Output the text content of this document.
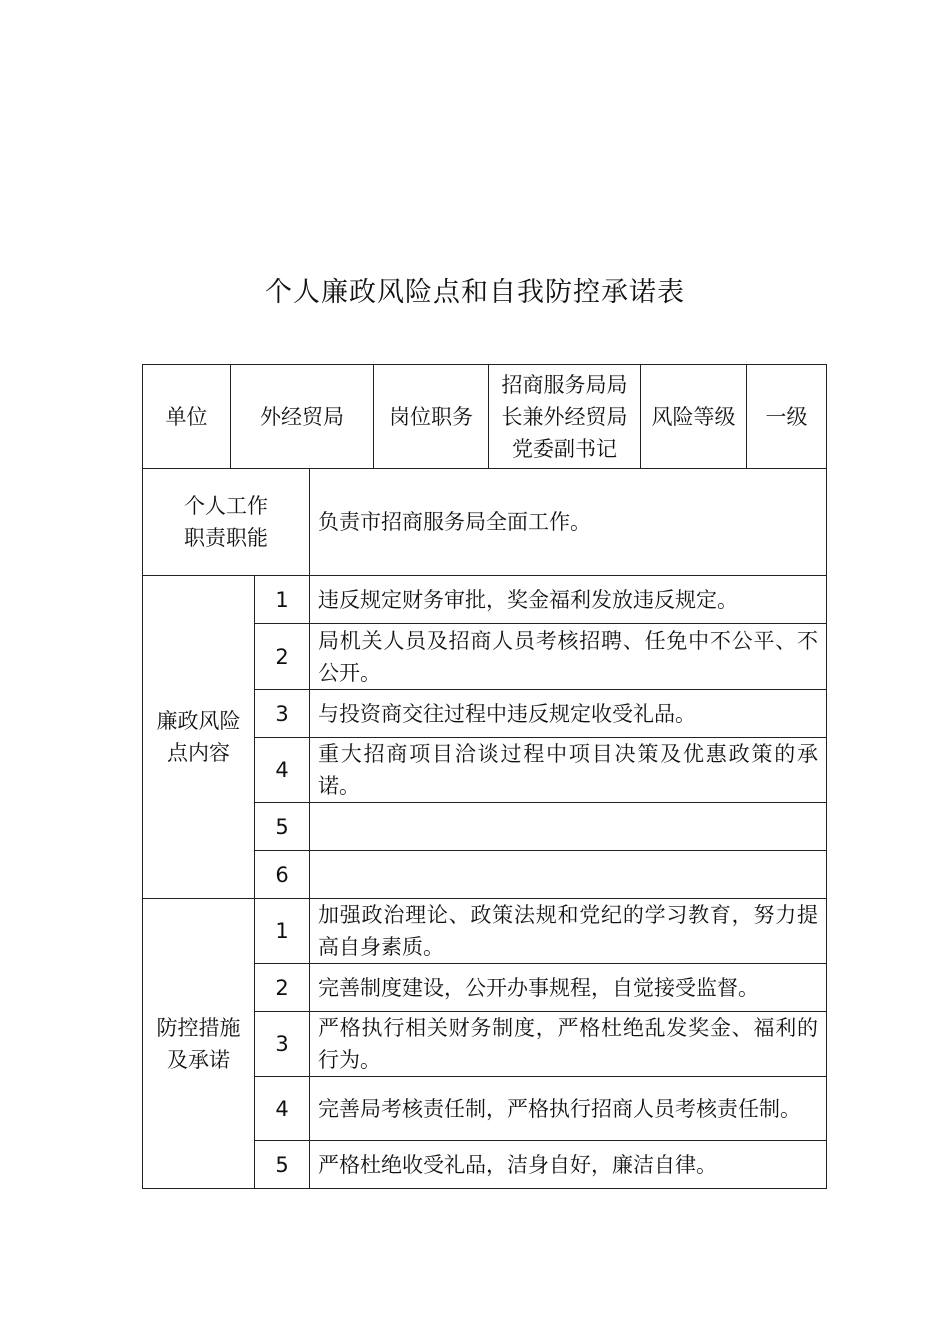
个人廉政风险点和自我防控承诺表
单位	外经贸局			岗位职务	招商服务局局
长兼外经贸局
党委副书记	风险等级	一级

个人工作
职责职能			负责市招商服务局全面工作。				

廉政风险
点内容		1	违反规定财务审批，奖金福利发放违反规定。				
		2	局机关人员及招商人员考核招聘、任免中不公平、不公开。				
		3	与投资商交往过程中违反规定收受礼品。				
		4	重大招商项目洽谈过程中项目决策及优惠政策的承诺。				
		5					
		6					

防控措施
及承诺		1	加强政治理论、政策法规和党纪的学习教育，努力提高自身素质。				
		2	完善制度建设，公开办事规程，自觉接受监督。				
		3	严格执行相关财务制度，严格杜绝乱发奖金、福利的行为。				
		4	完善局考核责任制，严格执行招商人员考核责任制。				
		5	严格杜绝收受礼品，洁身自好，廉洁自律。				
